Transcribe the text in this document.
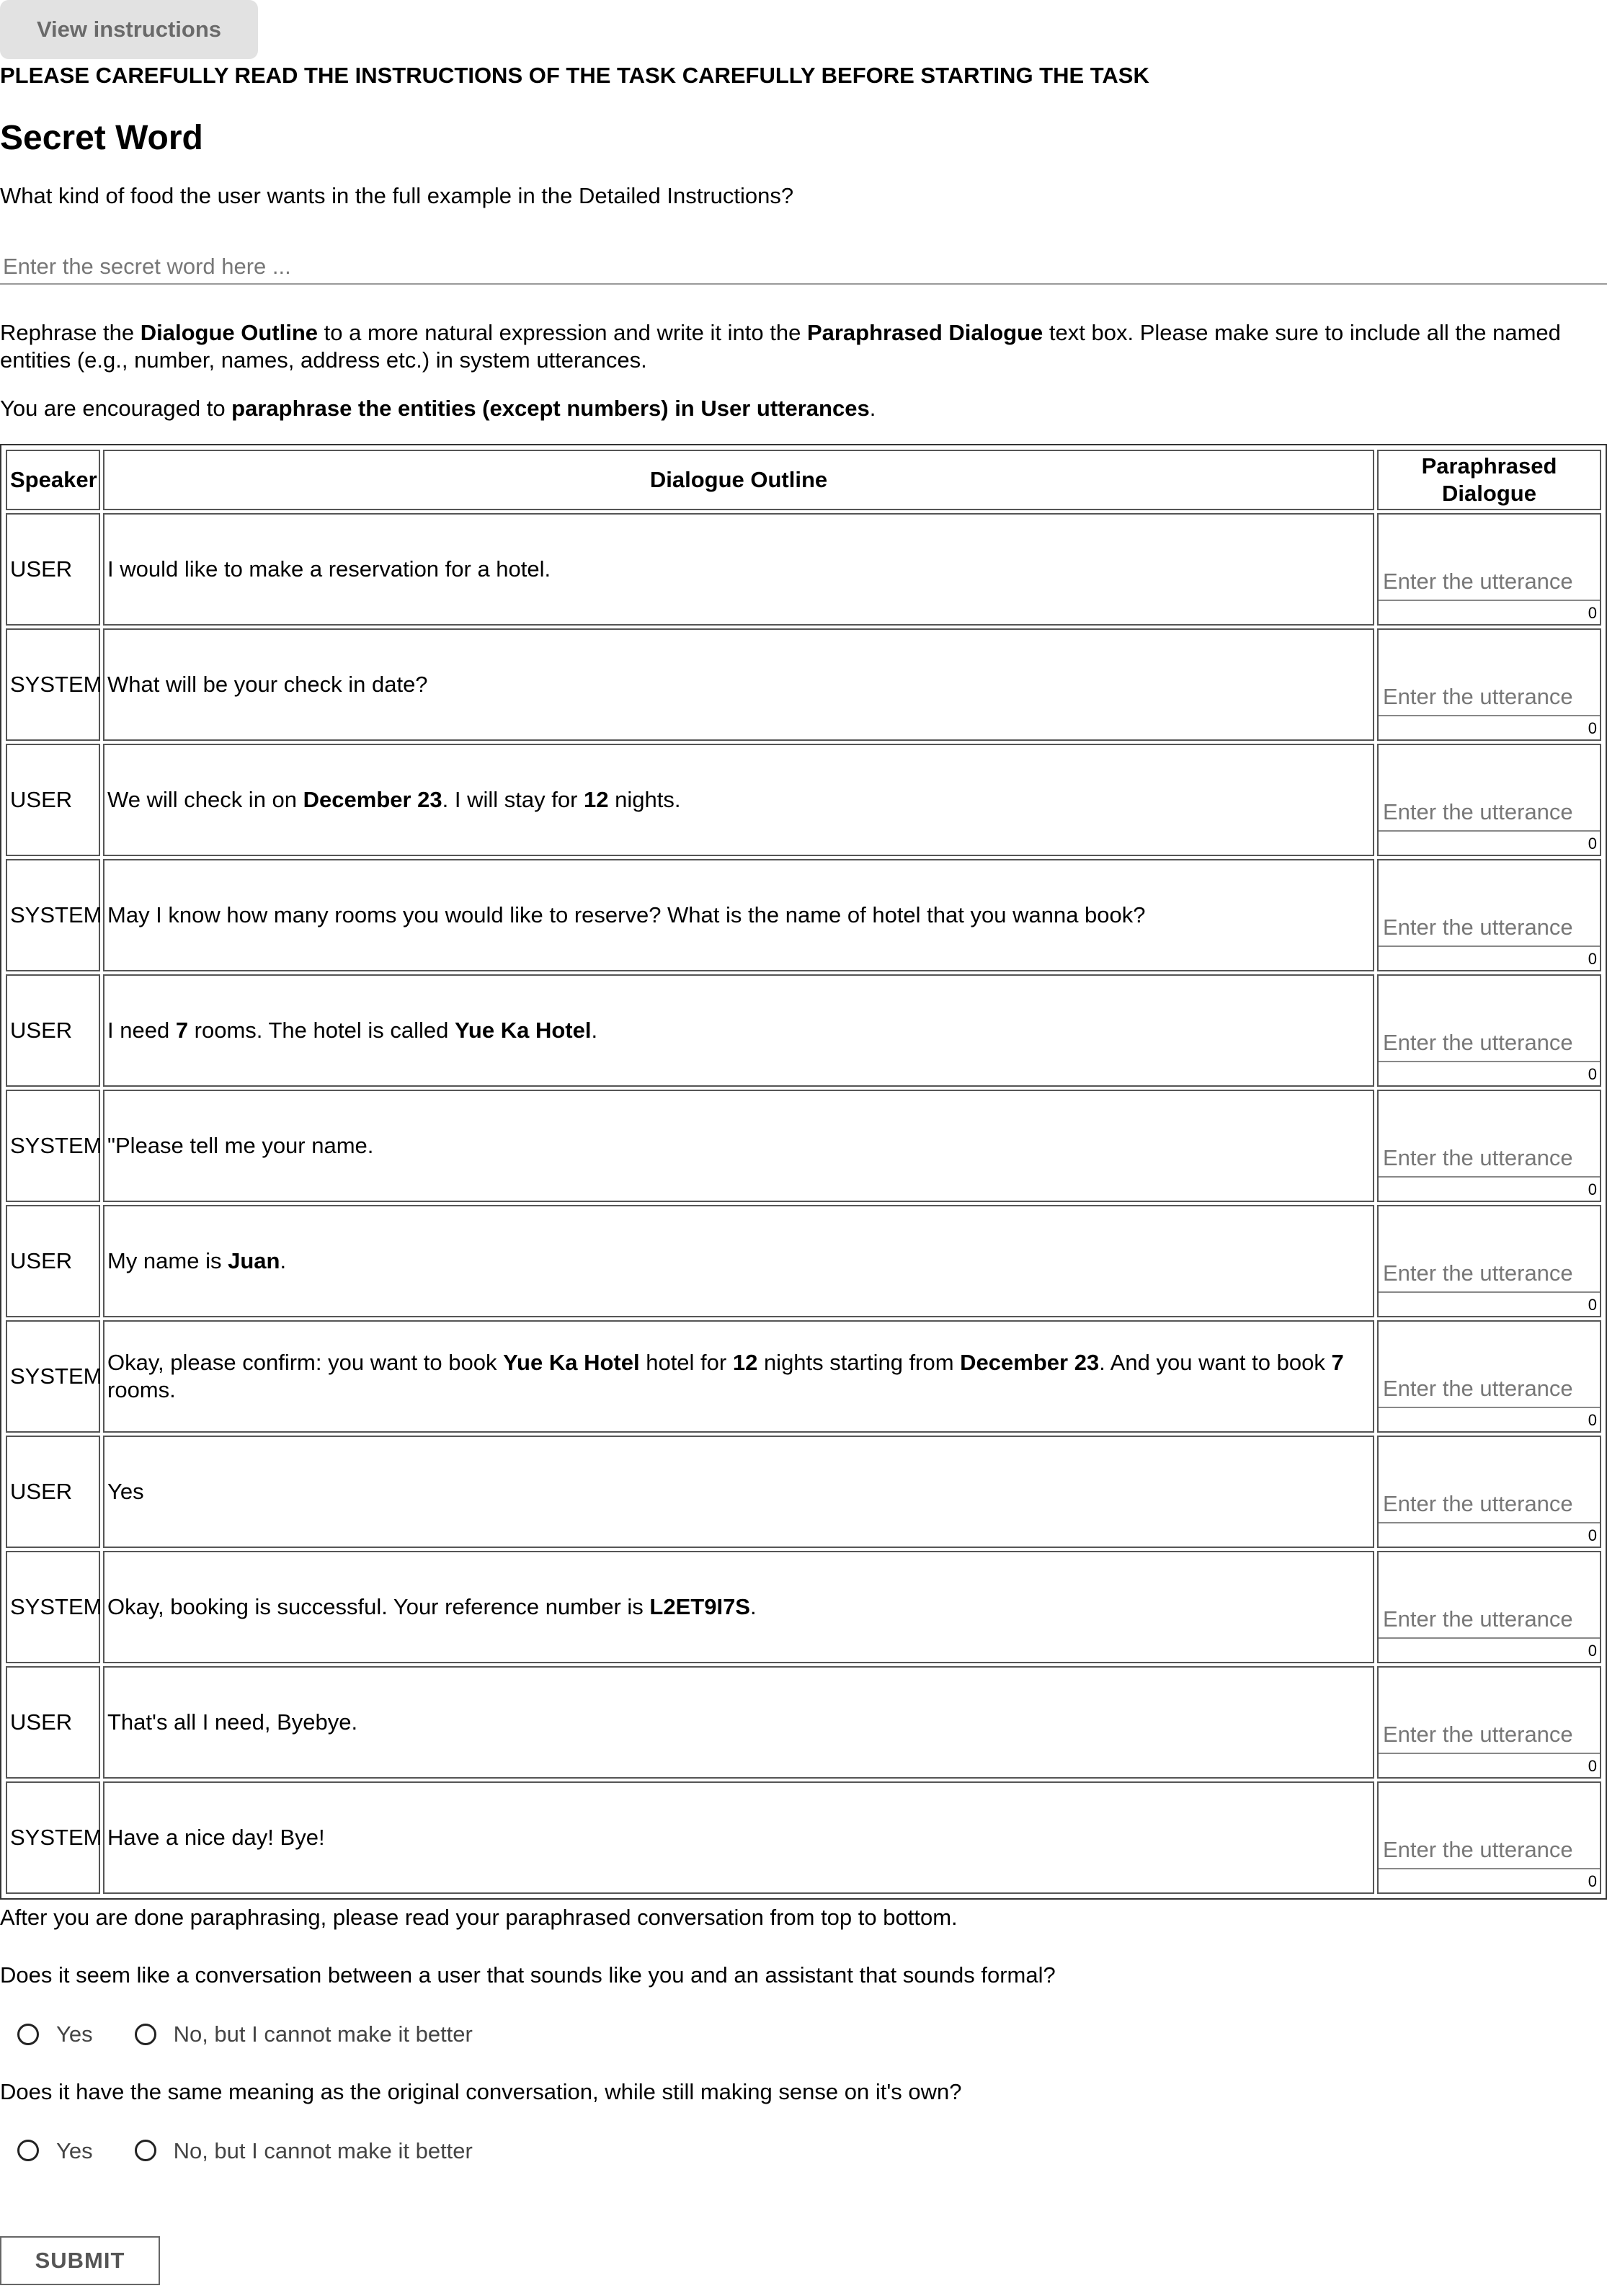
View instructions
PLEASE CAREFULLY READ THE INSTRUCTIONS OF THE TASK CAREFULLY BEFORE STARTING THE TASK
Secret Word
What kind of food the user wants in the full example in the Detailed Instructions?
Enter the secret word here ...
Rephrase the Dialogue Outline to a more natural expression and write it into the Paraphrased Dialogue text box. Please make sure to include all the named entities (e.g., number, names, address etc.) in system utterances.
You are encouraged to paraphrase the entities (except numbers) in User utterances.
Speaker	Dialogue Outline	Paraphrased Dialogue
USER	I would like to make a reservation for a hotel.	
Enter the utterance
0

SYSTEM	What will be your check in date?	
Enter the utterance
0

USER	We will check in on December 23. I will stay for 12 nights.	
Enter the utterance
0

SYSTEM	May I know how many rooms you would like to reserve? What is the name of hotel that you wanna book?	
Enter the utterance
0

USER	I need 7 rooms. The hotel is called Yue Ka Hotel.	
Enter the utterance
0

SYSTEM	"Please tell me your name.	
Enter the utterance
0

USER	My name is Juan.	
Enter the utterance
0

SYSTEM	Okay, please confirm: you want to book Yue Ka Hotel hotel for 12 nights starting from December 23. And you want to book 7 rooms.	
Enter the utterance
0

USER	Yes	
Enter the utterance
0

SYSTEM	Okay, booking is successful. Your reference number is L2ET9I7S.	
Enter the utterance
0

USER	That's all I need, Byebye.	
Enter the utterance
0

SYSTEM	Have a nice day! Bye!	
Enter the utterance
0
After you are done paraphrasing, please read your paraphrased conversation from top to bottom.
Does it seem like a conversation between a user that sounds like you and an assistant that sounds formal?
Yes	No, but I cannot make it better
Does it have the same meaning as the original conversation, while still making sense on it's own?
Yes	No, but I cannot make it better
SUBMIT
